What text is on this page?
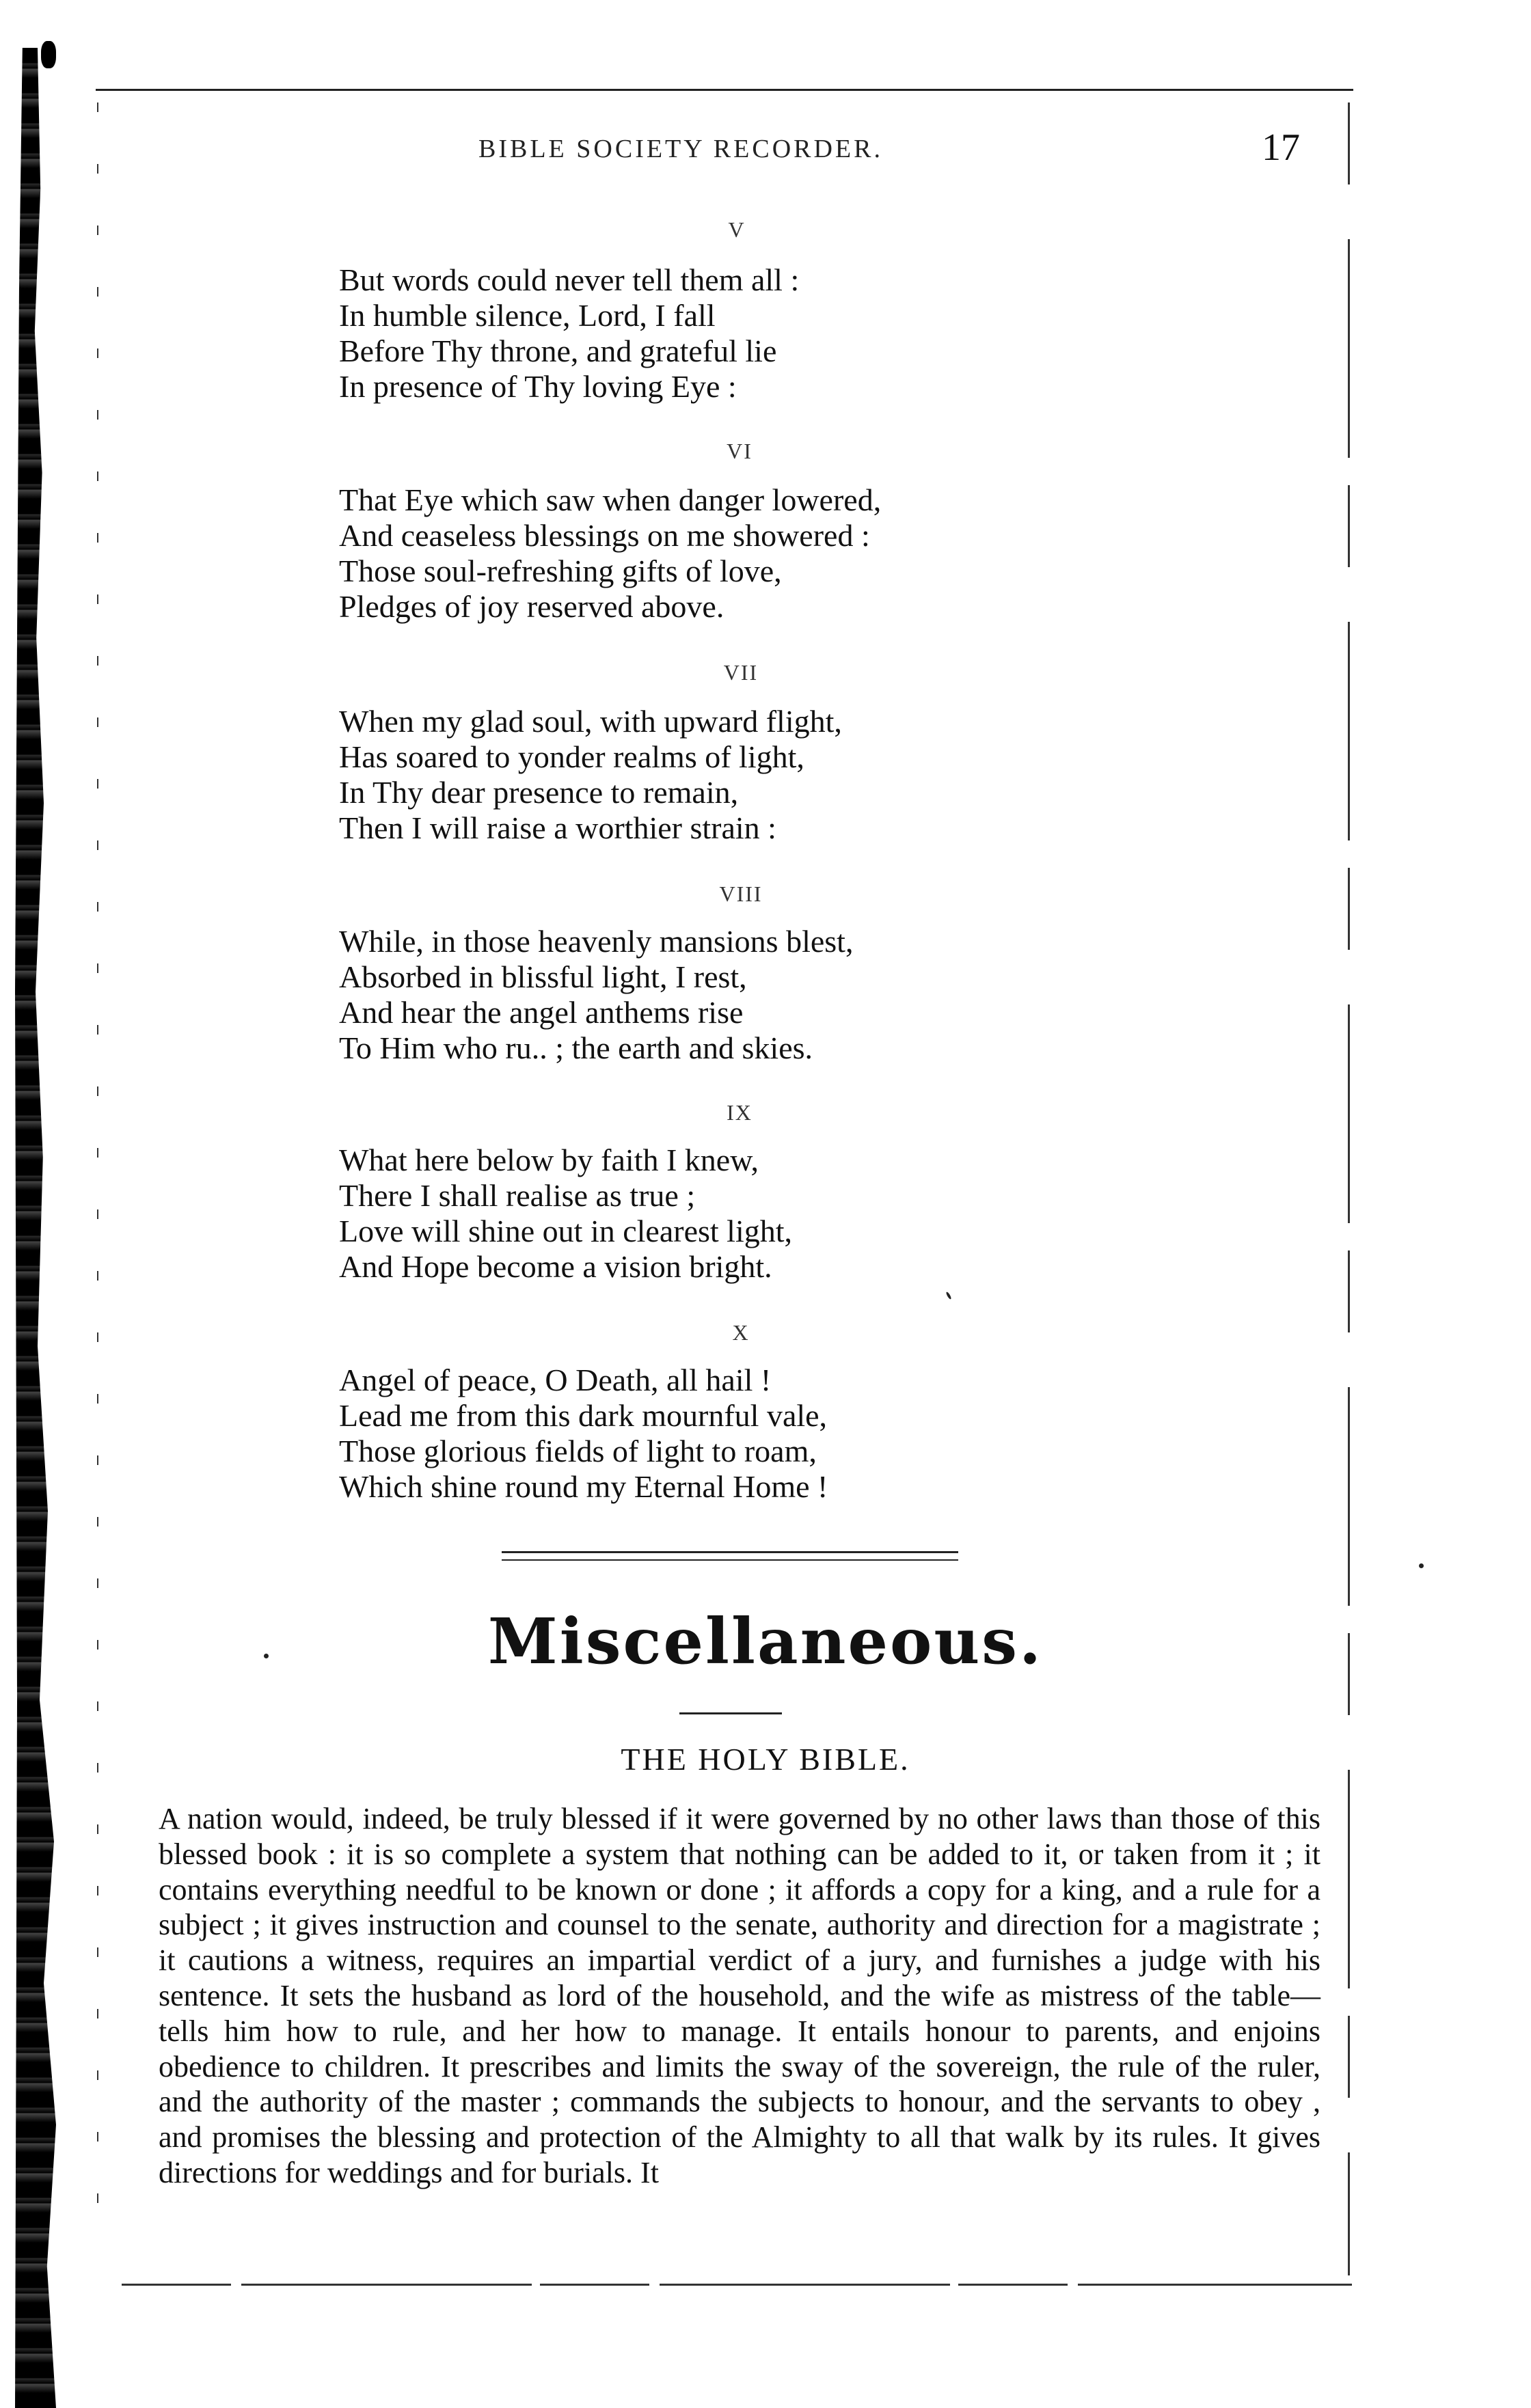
BIBLE SOCIETY RECORDER.	17
V
But words could never tell them all :
In humble silence, Lord, I fall
Before Thy throne, and grateful lie
In presence of Thy loving Eye :
VI
That Eye which saw when danger lowered,
And ceaseless blessings on me showered :
Those soul-refreshing gifts of love,
Pledges of joy reserved above.
VII
When my glad soul, with upward flight,
Has soared to yonder realms of light,
In Thy dear presence to remain,
Then I will raise a worthier strain :
VIII
While, in those heavenly mansions blest,
Absorbed in blissful light, I rest,
And hear the angel anthems rise
To Him who ru.. ; the earth and skies.
IX
What here below by faith I knew,
There I shall realise as true ;
Love will shine out in clearest light,
And Hope become a vision bright.
X
Angel of peace, O Death, all hail !
Lead me from this dark mournful vale,
Those glorious fields of light to roam,
Which shine round my Eternal Home !
Miscellaneous.
THE HOLY BIBLE.
A nation would, indeed, be truly blessed if it were governed by no other laws than those of this blessed book : it is so complete a system that nothing can be added to it, or taken from it ; it contains everything needful to be known or done ; it affords a copy for a king, and a rule for a subject ; it gives instruction and counsel to the senate, authority and direction for a magistrate ; it cautions a witness, requires an impartial verdict of a jury, and furnishes a judge with his sentence. It sets the husband as lord of the household, and the wife as mistress of the table—tells him how to rule, and her how to manage. It entails honour to parents, and enjoins obedience to children. It prescribes and limits the sway of the sovereign, the rule of the ruler, and the authority of the master ; commands the subjects to honour, and the servants to obey , and promises the blessing and protection of the Almighty to all that walk by its rules. It gives directions for weddings and for burials. It
